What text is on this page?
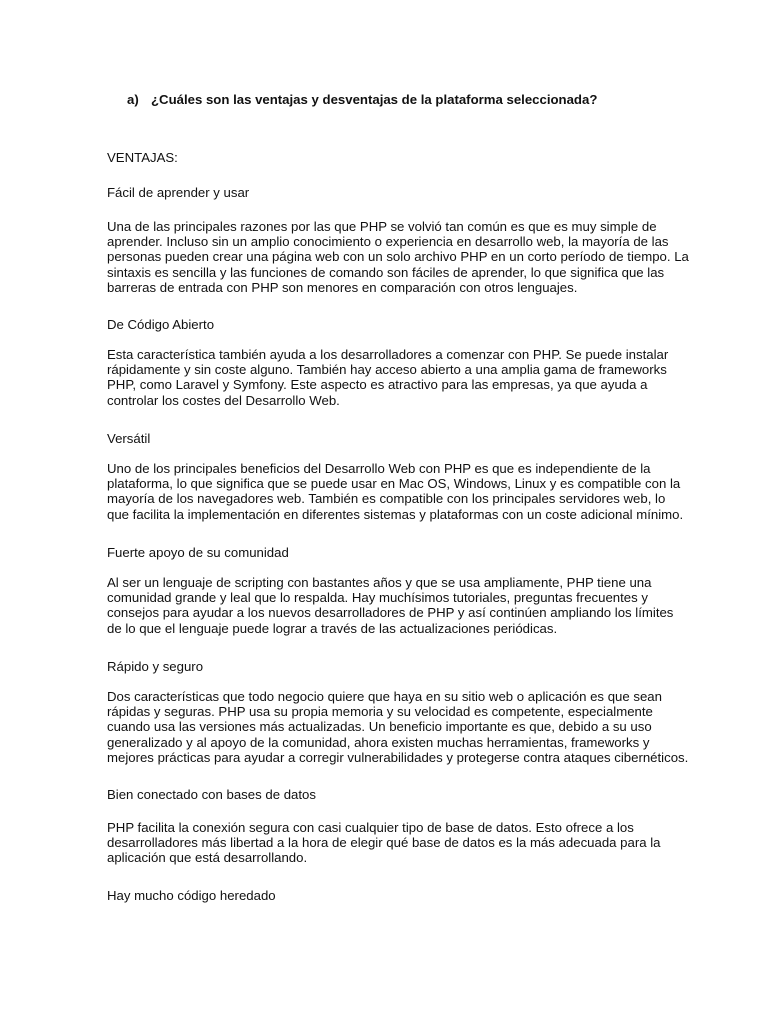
a) ¿Cuáles son las ventajas y desventajas de la plataforma seleccionada?

VENTAJAS:

Fácil de aprender y usar

Una de las principales razones por las que PHP se volvió tan común es que es muy simple de
aprender. Incluso sin un amplio conocimiento o experiencia en desarrollo web, la mayoría de las
personas pueden crear una página web con un solo archivo PHP en un corto período de tiempo. La
sintaxis es sencilla y las funciones de comando son fáciles de aprender, lo que significa que las
barreras de entrada con PHP son menores en comparación con otros lenguajes.

De Código Abierto

Esta característica también ayuda a los desarrolladores a comenzar con PHP. Se puede instalar
rápidamente y sin coste alguno. También hay acceso abierto a una amplia gama de frameworks
PHP, como Laravel y Symfony. Este aspecto es atractivo para las empresas, ya que ayuda a
controlar los costes del Desarrollo Web.

Versátil

Uno de los principales beneficios del Desarrollo Web con PHP es que es independiente de la
plataforma, lo que significa que se puede usar en Mac OS, Windows, Linux y es compatible con la
mayoría de los navegadores web. También es compatible con los principales servidores web, lo
que facilita la implementación en diferentes sistemas y plataformas con un coste adicional mínimo.

Fuerte apoyo de su comunidad

Al ser un lenguaje de scripting con bastantes años y que se usa ampliamente, PHP tiene una
comunidad grande y leal que lo respalda. Hay muchísimos tutoriales, preguntas frecuentes y
consejos para ayudar a los nuevos desarrolladores de PHP y así continúen ampliando los límites
de lo que el lenguaje puede lograr a través de las actualizaciones periódicas.

Rápido y seguro

Dos características que todo negocio quiere que haya en su sitio web o aplicación es que sean
rápidas y seguras. PHP usa su propia memoria y su velocidad es competente, especialmente
cuando usa las versiones más actualizadas. Un beneficio importante es que, debido a su uso
generalizado y al apoyo de la comunidad, ahora existen muchas herramientas, frameworks y
mejores prácticas para ayudar a corregir vulnerabilidades y protegerse contra ataques cibernéticos.

Bien conectado con bases de datos

PHP facilita la conexión segura con casi cualquier tipo de base de datos. Esto ofrece a los
desarrolladores más libertad a la hora de elegir qué base de datos es la más adecuada para la
aplicación que está desarrollando.

Hay mucho código heredado
